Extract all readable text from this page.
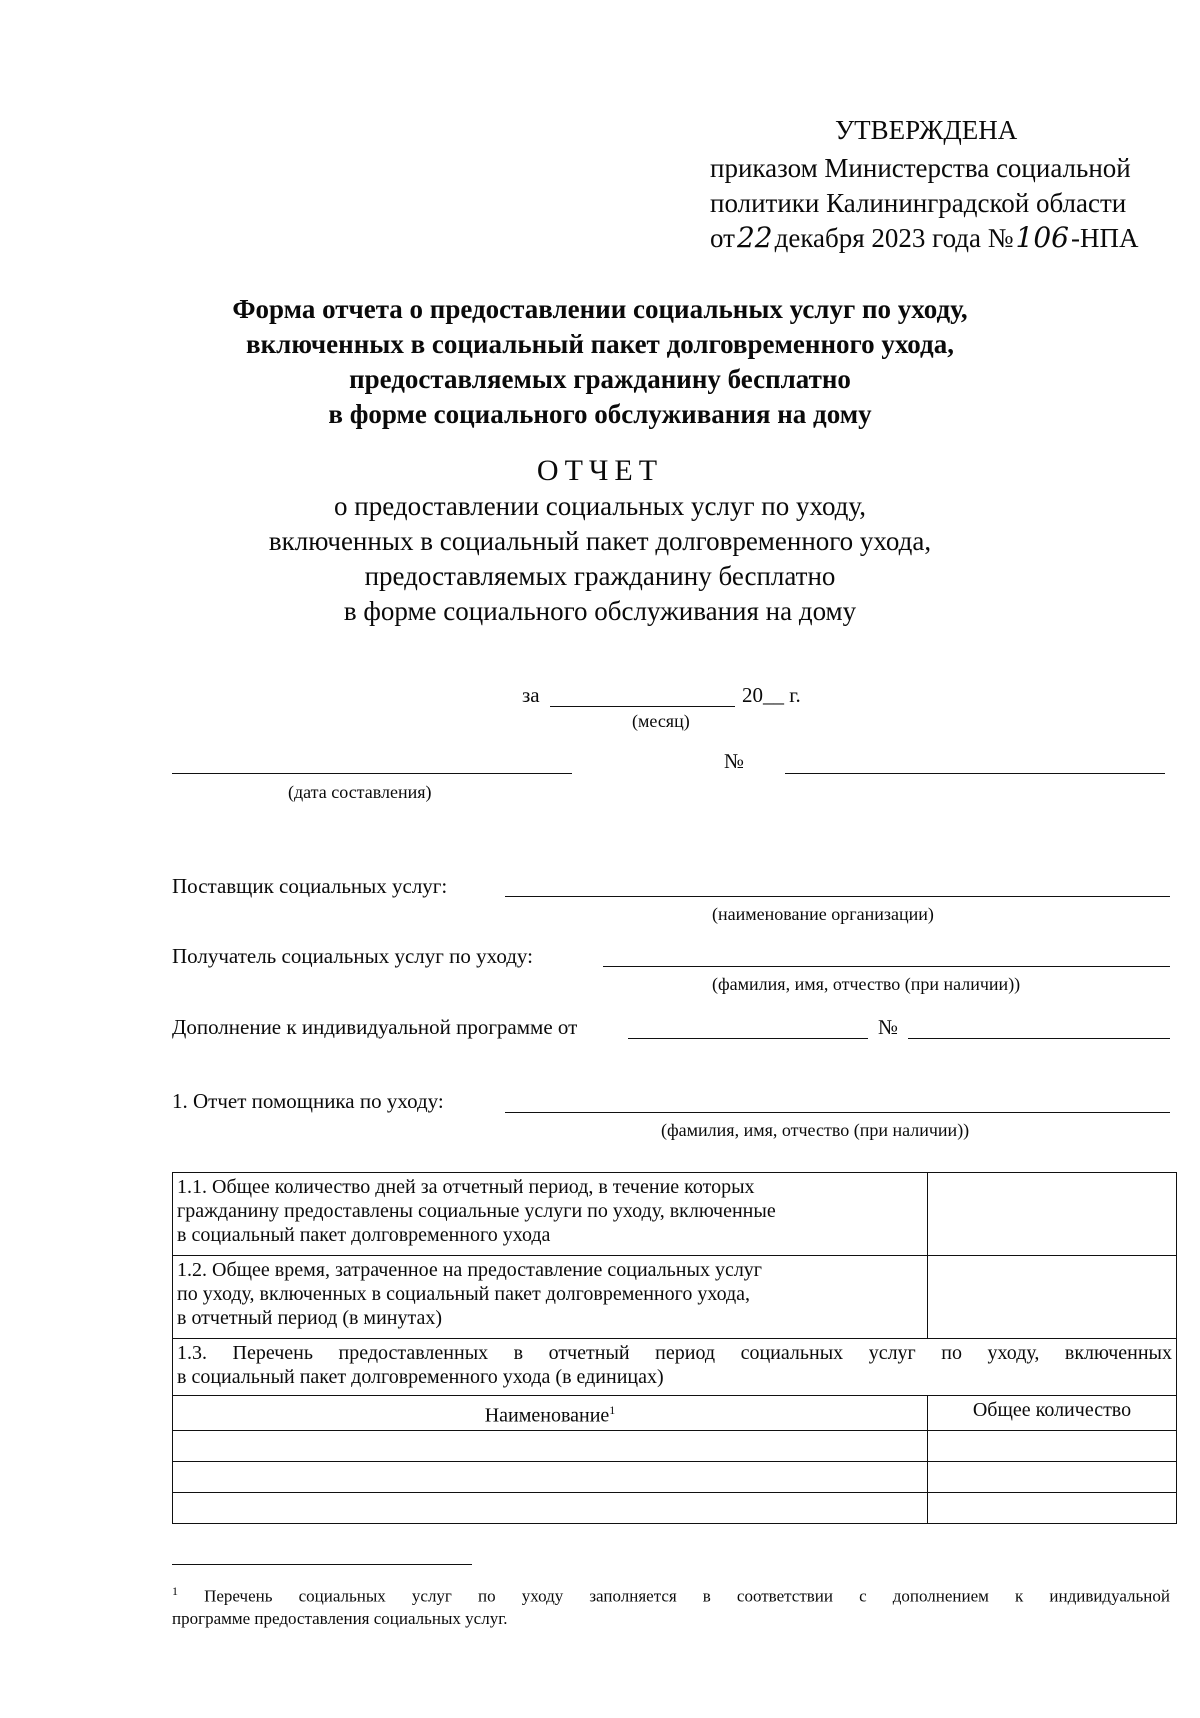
УТВЕРЖДЕНА
приказом Министерства социальной
политики Калининградской области
от22декабря 2023 года №106-НПА
Форма отчета о предоставлении социальных услуг по уходу,
включенных в социальный пакет долговременного ухода,
предоставляемых гражданину бесплатно
в форме социального обслуживания на дому
ОТЧЕТ
о предоставлении социальных услуг по уходу,
включенных в социальный пакет долговременного ухода,
предоставляемых гражданину бесплатно
в форме социального обслуживания на дому
за	20__ г.
(месяц)
(дата составления)
№
Поставщик социальных услуг:
(наименование организации)
Получатель социальных услуг по уходу:
(фамилия, имя, отчество (при наличии))
Дополнение к индивидуальной программе от	№
1. Отчет помощника по уходу:
(фамилия, имя, отчество (при наличии))
1.1. Общее количество дней за отчетный период, в течение которых
гражданину предоставлены социальные услуги по уходу, включенные
в социальный пакет долговременного ухода	

1.2. Общее время, затраченное на предоставление социальных услуг
по уходу, включенных в социальный пакет долговременного ухода,
в отчетный период (в минутах)	

1.3. Перечень предоставленных в отчетный период социальных услуг по уходу, включенных
в социальный пакет долговременного ухода (в единицах)	

Наименование$^1$	Общее количество

$^1$ Перечень социальных услуг по уходу заполняется в соответствии с дополнением к индивидуальной
программе предоставления социальных услуг.
